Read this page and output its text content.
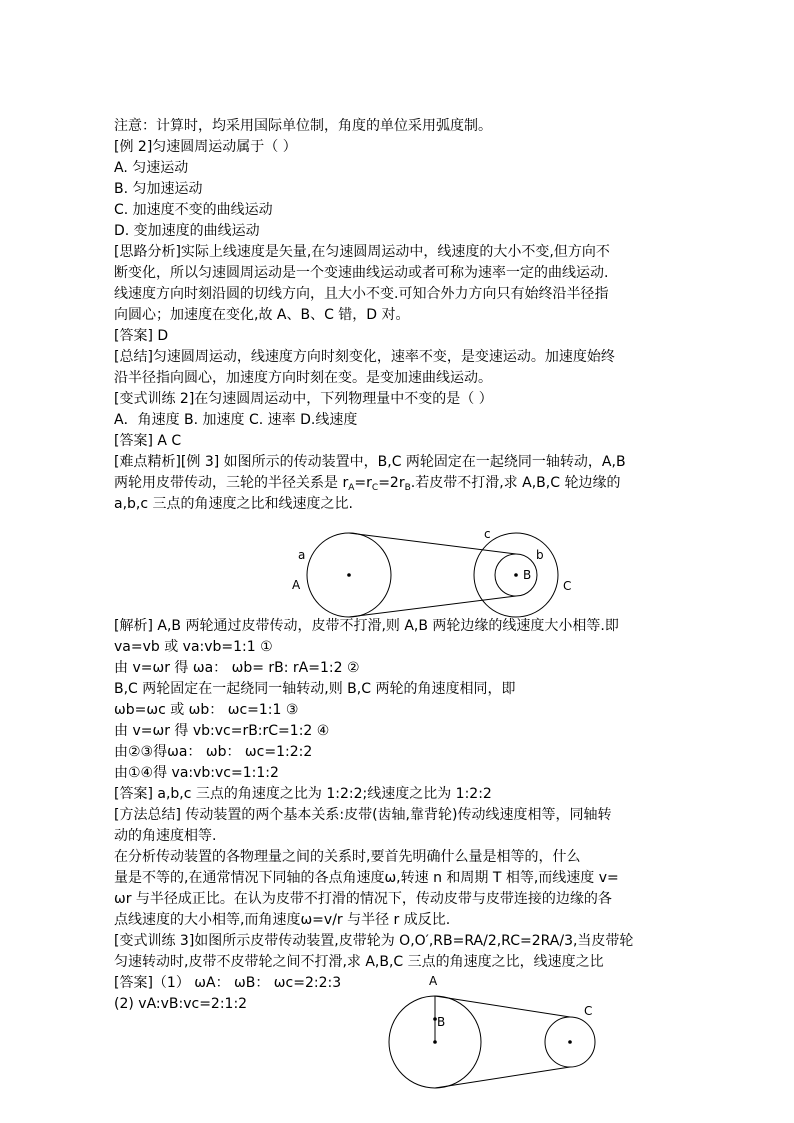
注意：计算时，均采用国际单位制，角度的单位采用弧度制。
[例 2]匀速圆周运动属于（ ）
A. 匀速运动
B. 匀加速运动
C. 加速度不变的曲线运动
D. 变加速度的曲线运动
[思路分析]实际上线速度是矢量,在匀速圆周运动中，线速度的大小不变,但方向不
断变化，所以匀速圆周运动是一个变速曲线运动或者可称为速率一定的曲线运动.
线速度方向时刻沿圆的切线方向，且大小不变.可知合外力方向只有始终沿半径指
向圆心；加速度在变化,故 A、B、C 错，D 对。
[答案] D
[总结]匀速圆周运动，线速度方向时刻变化，速率不变，是变速运动。加速度始终
沿半径指向圆心，加速度方向时刻在变。是变加速曲线运动。
[变式训练 2]在匀速圆周运动中，下列物理量中不变的是（ ）
A．角速度 B. 加速度 C. 速率 D.线速度
[答案] A C
[难点精析][例 3] 如图所示的传动装置中，B,C 两轮固定在一起绕同一轴转动，A,B
两轮用皮带传动，三轮的半径关系是 $r_A=r_C=2r_B$.若皮带不打滑,求 A,B,C 轮边缘的
a,b,c 三点的角速度之比和线速度之比.
a
A
c
b
B
C
[解析] A,B 两轮通过皮带传动，皮带不打滑,则 A,B 两轮边缘的线速度大小相等.即
va=vb 或 va:vb=1:1 ①
由 v=ωr 得 ωa： ωb= rB: rA=1:2 ②
B,C 两轮固定在一起绕同一轴转动,则 B,C 两轮的角速度相同，即
ωb=ωc 或 ωb： ωc=1:1 ③
由 v=ωr 得 vb:vc=rB:rC=1:2 ④
由②③得ωa： ωb： ωc=1:2:2
由①④得 va:vb:vc=1:1:2
[答案] a,b,c 三点的角速度之比为 1:2:2;线速度之比为 1:2:2
[方法总结] 传动装置的两个基本关系:皮带(齿轴,靠背轮)传动线速度相等，同轴转
动的角速度相等.
在分析传动装置的各物理量之间的关系时,要首先明确什么量是相等的，什么
量是不等的,在通常情况下同轴的各点角速度ω,转速 n 和周期 T 相等,而线速度 v=
ωr 与半径成正比。在认为皮带不打滑的情况下，传动皮带与皮带连接的边缘的各
点线速度的大小相等,而角速度ω=v/r 与半径 r 成反比.
[变式训练 3]如图所示皮带传动装置,皮带轮为 O,O′,RB=RA/2,RC=2RA/3,当皮带轮
匀速转动时,皮带不皮带轮之间不打滑,求 A,B,C 三点的角速度之比，线速度之比
[答案]（1） ωA： ωB： ωc=2:2:3
(2) vA:vB:vc=2:1:2
A
B
C
